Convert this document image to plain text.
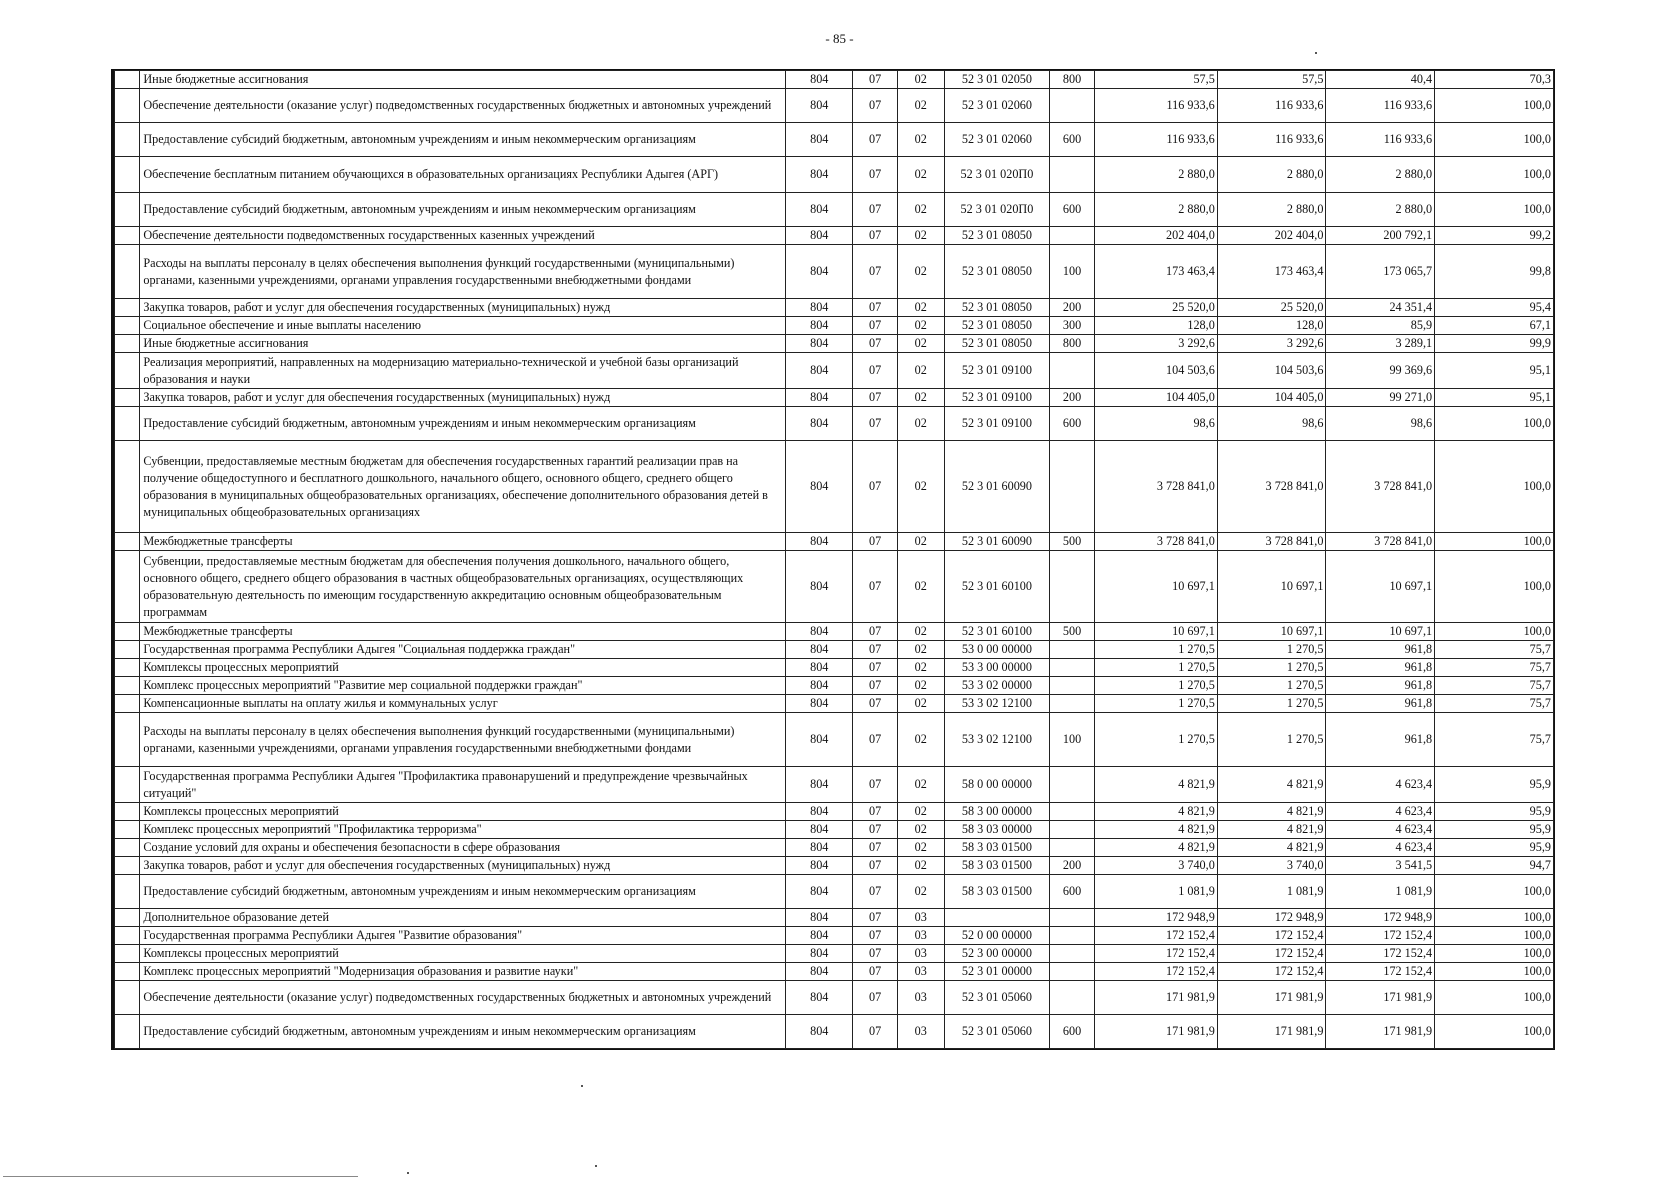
- 85 -
	Иные бюджетные ассигнования	804	07	02	52 3 01 02050	800	57,5	57,5	40,4	70,3
	Обеспечение деятельности (оказание услуг) подведомственных государственных бюджетных и автономных учреждений	804	07	02	52 3 01 02060		116 933,6	116 933,6	116 933,6	100,0
	Предоставление субсидий бюджетным, автономным учреждениям и иным некоммерческим организациям	804	07	02	52 3 01 02060	600	116 933,6	116 933,6	116 933,6	100,0
	Обеспечение бесплатным питанием обучающихся в образовательных организациях Республики Адыгея (АРГ)	804	07	02	52 3 01 020П0		2 880,0	2 880,0	2 880,0	100,0
	Предоставление субсидий бюджетным, автономным учреждениям и иным некоммерческим организациям	804	07	02	52 3 01 020П0	600	2 880,0	2 880,0	2 880,0	100,0
	Обеспечение деятельности подведомственных государственных казенных учреждений	804	07	02	52 3 01 08050		202 404,0	202 404,0	200 792,1	99,2
	Расходы на выплаты персоналу в целях обеспечения выполнения функций государственными (муниципальными) органами, казенными учреждениями, органами управления государственными внебюджетными фондами	804	07	02	52 3 01 08050	100	173 463,4	173 463,4	173 065,7	99,8
	Закупка товаров, работ и услуг для обеспечения государственных (муниципальных) нужд	804	07	02	52 3 01 08050	200	25 520,0	25 520,0	24 351,4	95,4
	Социальное обеспечение и иные выплаты населению	804	07	02	52 3 01 08050	300	128,0	128,0	85,9	67,1
	Иные бюджетные ассигнования	804	07	02	52 3 01 08050	800	3 292,6	3 292,6	3 289,1	99,9
	Реализация мероприятий, направленных на модернизацию материально-технической и учебной базы организаций образования и науки	804	07	02	52 3 01 09100		104 503,6	104 503,6	99 369,6	95,1
	Закупка товаров, работ и услуг для обеспечения государственных (муниципальных) нужд	804	07	02	52 3 01 09100	200	104 405,0	104 405,0	99 271,0	95,1
	Предоставление субсидий бюджетным, автономным учреждениям и иным некоммерческим организациям	804	07	02	52 3 01 09100	600	98,6	98,6	98,6	100,0
	Субвенции, предоставляемые местным бюджетам для обеспечения государственных гарантий реализации прав на получение общедоступного и бесплатного дошкольного, начального общего, основного общего, среднего общего образования в муниципальных общеобразовательных организациях, обеспечение дополнительного образования детей в муниципальных общеобразовательных организациях	804	07	02	52 3 01 60090		3 728 841,0	3 728 841,0	3 728 841,0	100,0
	Межбюджетные трансферты	804	07	02	52 3 01 60090	500	3 728 841,0	3 728 841,0	3 728 841,0	100,0
	Субвенции, предоставляемые местным бюджетам для обеспечения получения дошкольного, начального общего, основного общего, среднего общего образования в частных общеобразовательных организациях, осуществляющих образовательную деятельность по имеющим государственную аккредитацию основным общеобразовательным программам	804	07	02	52 3 01 60100		10 697,1	10 697,1	10 697,1	100,0
	Межбюджетные трансферты	804	07	02	52 3 01 60100	500	10 697,1	10 697,1	10 697,1	100,0
	Государственная программа Республики Адыгея "Социальная поддержка граждан"	804	07	02	53 0 00 00000		1 270,5	1 270,5	961,8	75,7
	Комплексы процессных мероприятий	804	07	02	53 3 00 00000		1 270,5	1 270,5	961,8	75,7
	Комплекс процессных мероприятий "Развитие мер социальной поддержки граждан"	804	07	02	53 3 02 00000		1 270,5	1 270,5	961,8	75,7
	Компенсационные выплаты на оплату жилья и коммунальных услуг	804	07	02	53 3 02 12100		1 270,5	1 270,5	961,8	75,7
	Расходы на выплаты персоналу в целях обеспечения выполнения функций государственными (муниципальными) органами, казенными учреждениями, органами управления государственными внебюджетными фондами	804	07	02	53 3 02 12100	100	1 270,5	1 270,5	961,8	75,7
	Государственная программа Республики Адыгея "Профилактика правонарушений и предупреждение чрезвычайных ситуаций"	804	07	02	58 0 00 00000		4 821,9	4 821,9	4 623,4	95,9
	Комплексы процессных мероприятий	804	07	02	58 3 00 00000		4 821,9	4 821,9	4 623,4	95,9
	Комплекс процессных мероприятий "Профилактика терроризма"	804	07	02	58 3 03 00000		4 821,9	4 821,9	4 623,4	95,9
	Создание условий для охраны и обеспечения безопасности в сфере образования	804	07	02	58 3 03 01500		4 821,9	4 821,9	4 623,4	95,9
	Закупка товаров, работ и услуг для обеспечения государственных (муниципальных) нужд	804	07	02	58 3 03 01500	200	3 740,0	3 740,0	3 541,5	94,7
	Предоставление субсидий бюджетным, автономным учреждениям и иным некоммерческим организациям	804	07	02	58 3 03 01500	600	1 081,9	1 081,9	1 081,9	100,0
	Дополнительное образование детей	804	07	03			172 948,9	172 948,9	172 948,9	100,0
	Государственная программа Республики Адыгея "Развитие образования"	804	07	03	52 0 00 00000		172 152,4	172 152,4	172 152,4	100,0
	Комплексы процессных мероприятий	804	07	03	52 3 00 00000		172 152,4	172 152,4	172 152,4	100,0
	Комплекс процессных мероприятий "Модернизация образования и развитие науки"	804	07	03	52 3 01 00000		172 152,4	172 152,4	172 152,4	100,0
	Обеспечение деятельности (оказание услуг) подведомственных государственных бюджетных и автономных учреждений	804	07	03	52 3 01 05060		171 981,9	171 981,9	171 981,9	100,0
	Предоставление субсидий бюджетным, автономным учреждениям и иным некоммерческим организациям	804	07	03	52 3 01 05060	600	171 981,9	171 981,9	171 981,9	100,0
